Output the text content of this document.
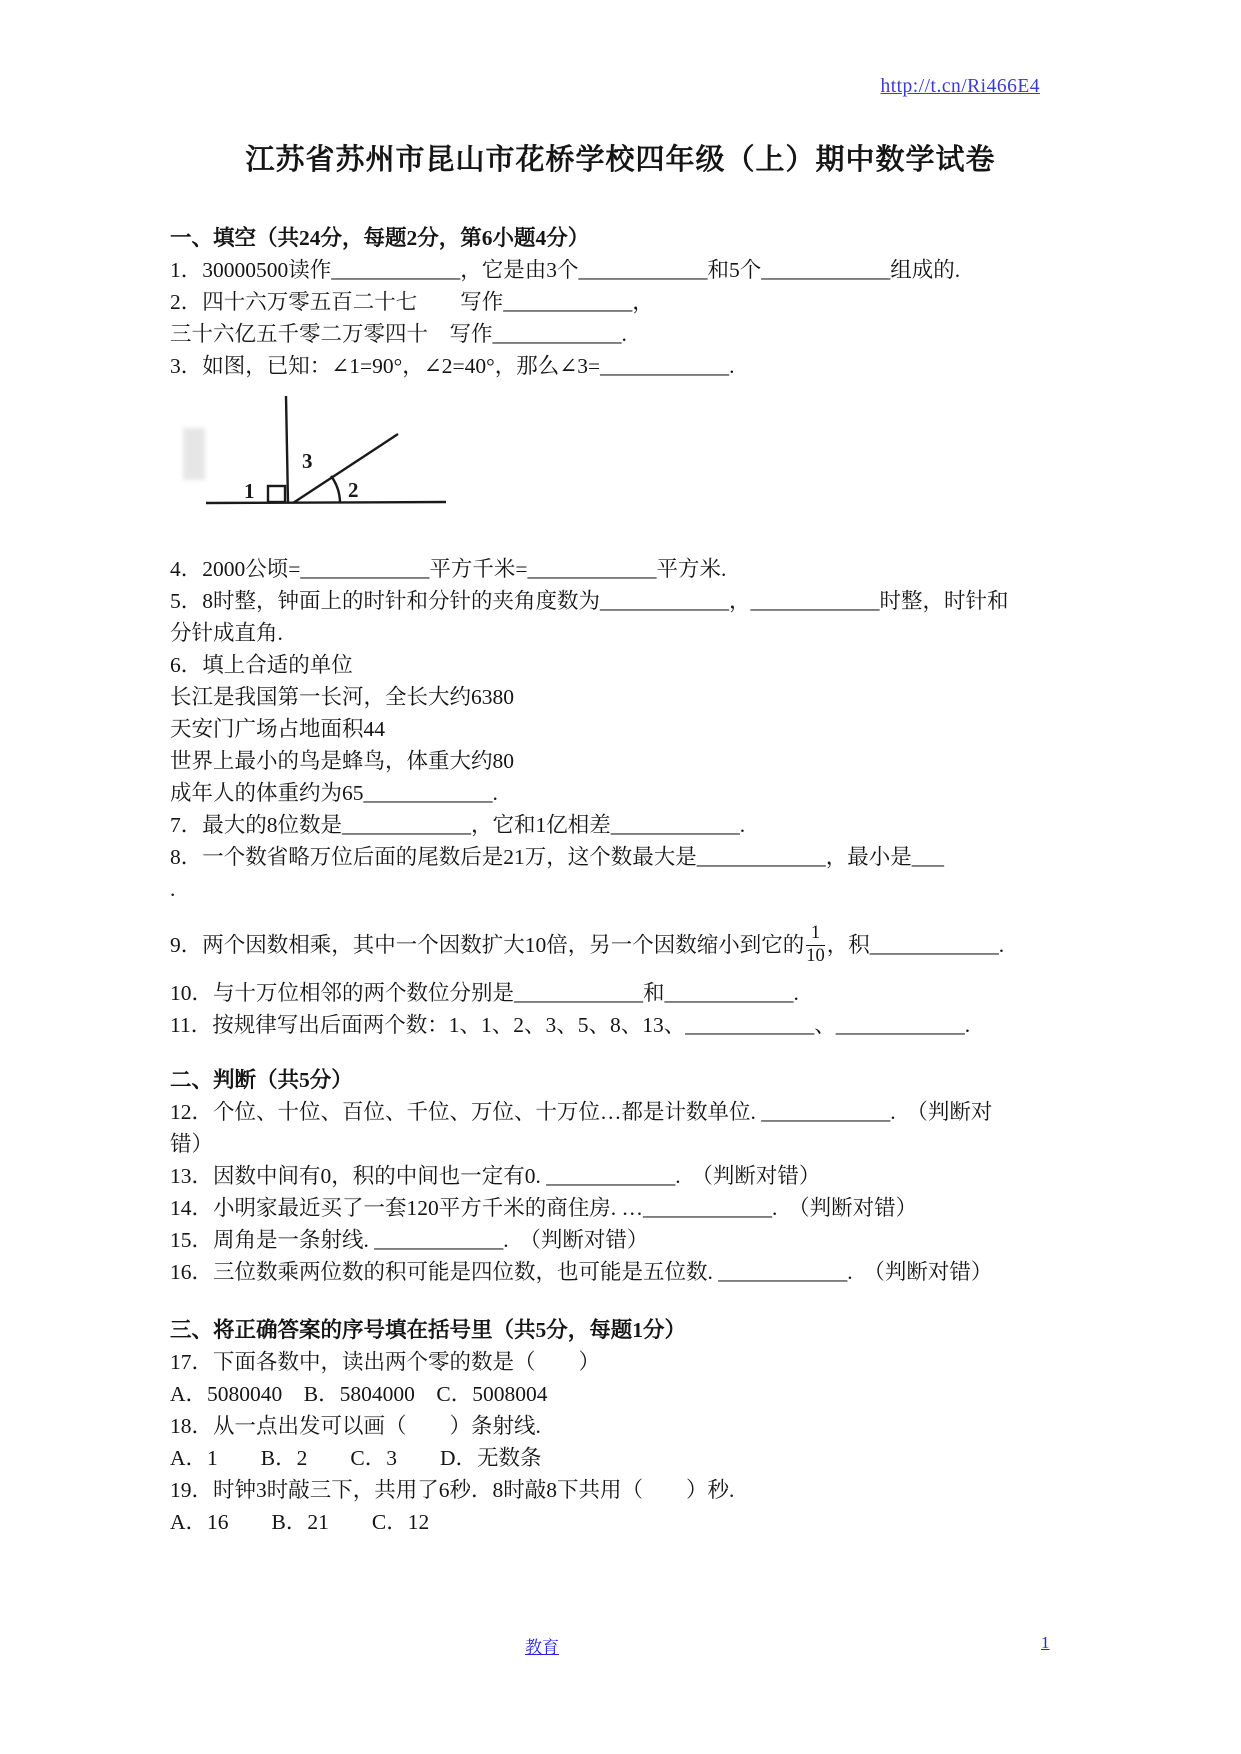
http://t.cn/Ri466E4
江苏省苏州市昆山市花桥学校四年级（上）期中数学试卷
一、填空（共24分，每题2分，第6小题4分）
1．30000500读作____________，它是由3个____________和5个____________组成的.
2．四十六万零五百二十七　　写作____________，
三十六亿五千零二万零四十　写作____________.
3．如图，已知：∠1=90°，∠2=40°，那么∠3=____________.
1
3
2
4．2000公顷=____________平方千米=____________平方米.
5．8时整，钟面上的时针和分针的夹角度数为____________，____________时整，时针和
分针成直角.
6．填上合适的单位
长江是我国第一长河，全长大约6380
天安门广场占地面积44
世界上最小的鸟是蜂鸟，体重大约80
成年人的体重约为65____________.
7．最大的8位数是____________，它和1亿相差____________.
8．一个数省略万位后面的尾数后是21万，这个数最大是____________，最小是___
.
9．两个因数相乘，其中一个因数扩大10倍，另一个因数缩小到它的 $\frac{1}{10}$ ，积____________.
10．与十万位相邻的两个数位分别是____________和____________.
11．按规律写出后面两个数：1、1、2、3、5、8、13、____________、____________.
二、判断（共5分）
12．个位、十位、百位、千位、万位、十万位…都是计数单位. ____________.　（判断对
错）
13．因数中间有0，积的中间也一定有0. ____________.　（判断对错）
14．小明家最近买了一套120平方千米的商住房. …____________.　（判断对错）
15．周角是一条射线. ____________.　（判断对错）
16．三位数乘两位数的积可能是四位数，也可能是五位数. ____________.　（判断对错）
三、将正确答案的序号填在括号里（共5分，每题1分）
17．下面各数中，读出两个零的数是（　　）
A．5080040　B．5804000　C．5008004
18．从一点出发可以画（　　）条射线.
A．1　　B．2　　C．3　　D．无数条
19．时钟3时敲三下，共用了6秒．8时敲8下共用（　　）秒.
A．16　　B．21　　C．12
教育	1
